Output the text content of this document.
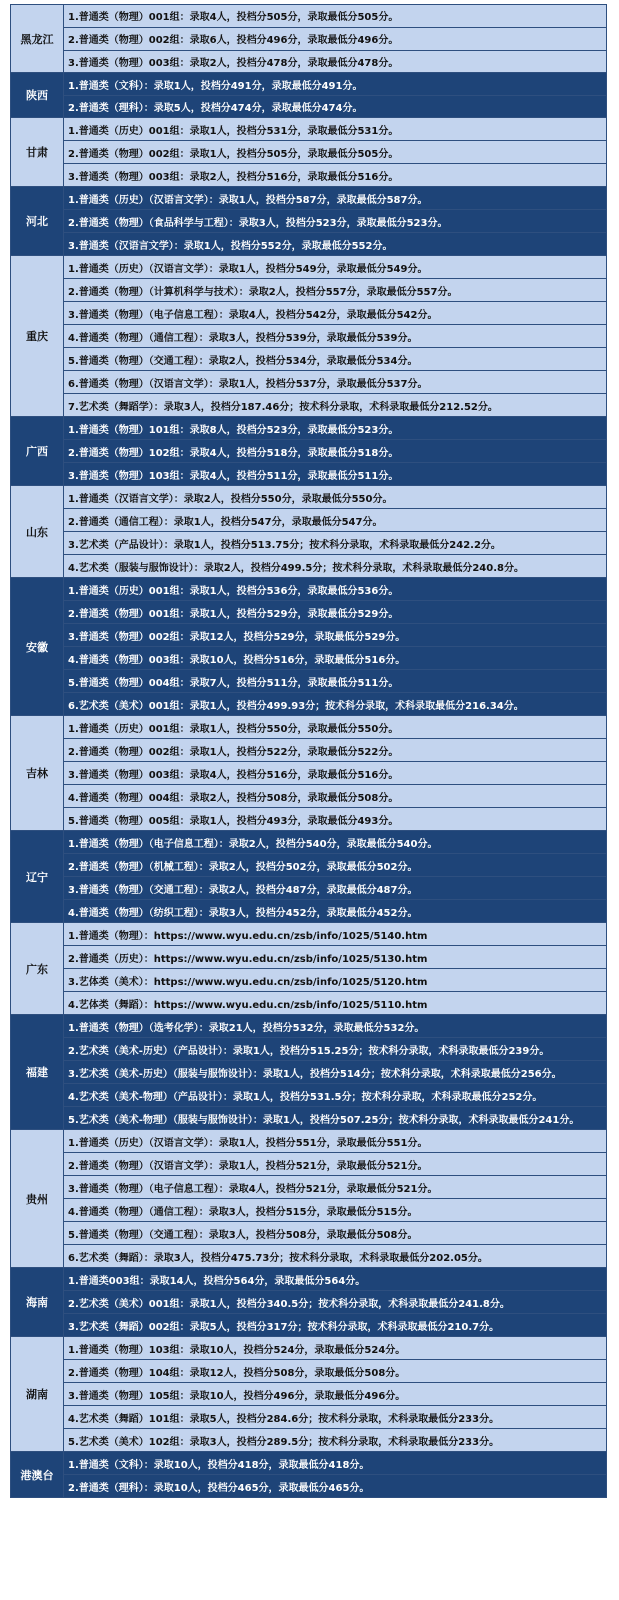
黑龙江	1.普通类（物理）001组：录取4人，投档分505分，录取最低分505分。
	2.普通类（物理）002组：录取6人，投档分496分，录取最低分496分。
	3.普通类（物理）003组：录取2人，投档分478分，录取最低分478分。
陕西	1.普通类（文科）：录取1人，投档分491分，录取最低分491分。
	2.普通类（理科）：录取5人，投档分474分，录取最低分474分。
甘肃	1.普通类（历史）001组：录取1人，投档分531分，录取最低分531分。
	2.普通类（物理）002组：录取1人，投档分505分，录取最低分505分。
	3.普通类（物理）003组：录取2人，投档分516分，录取最低分516分。
河北	1.普通类（历史）（汉语言文学）：录取1人，投档分587分，录取最低分587分。
	2.普通类（物理）（食品科学与工程）：录取3人，投档分523分，录取最低分523分。
	3.普通类（汉语言文学）：录取1人，投档分552分，录取最低分552分。
重庆	1.普通类（历史）（汉语言文学）：录取1人，投档分549分，录取最低分549分。
	2.普通类（物理）（计算机科学与技术）：录取2人，投档分557分，录取最低分557分。
	3.普通类（物理）（电子信息工程）：录取4人，投档分542分，录取最低分542分。
	4.普通类（物理）（通信工程）：录取3人，投档分539分，录取最低分539分。
	5.普通类（物理）（交通工程）：录取2人，投档分534分，录取最低分534分。
	6.普通类（物理）（汉语言文学）：录取1人，投档分537分，录取最低分537分。
	7.艺术类（舞蹈学）：录取3人，投档分187.46分；按术科分录取，术科录取最低分212.52分。
广西	1.普通类（物理）101组：录取8人，投档分523分，录取最低分523分。
	2.普通类（物理）102组：录取4人，投档分518分，录取最低分518分。
	3.普通类（物理）103组：录取4人，投档分511分，录取最低分511分。
山东	1.普通类（汉语言文学）：录取2人，投档分550分，录取最低分550分。
	2.普通类（通信工程）：录取1人，投档分547分，录取最低分547分。
	3.艺术类（产品设计）：录取1人，投档分513.75分；按术科分录取，术科录取最低分242.2分。
	4.艺术类（服装与服饰设计）：录取2人，投档分499.5分；按术科分录取，术科录取最低分240.8分。
安徽	1.普通类（历史）001组：录取1人，投档分536分，录取最低分536分。
	2.普通类（物理）001组：录取1人，投档分529分，录取最低分529分。
	3.普通类（物理）002组：录取12人，投档分529分，录取最低分529分。
	4.普通类（物理）003组：录取10人，投档分516分，录取最低分516分。
	5.普通类（物理）004组：录取7人，投档分511分，录取最低分511分。
	6.艺术类（美术）001组：录取1人，投档分499.93分；按术科分录取，术科录取最低分216.34分。
吉林	1.普通类（历史）001组：录取1人，投档分550分，录取最低分550分。
	2.普通类（物理）002组：录取1人，投档分522分，录取最低分522分。
	3.普通类（物理）003组：录取4人，投档分516分，录取最低分516分。
	4.普通类（物理）004组：录取2人，投档分508分，录取最低分508分。
	5.普通类（物理）005组：录取1人，投档分493分，录取最低分493分。
辽宁	1.普通类（物理）（电子信息工程）：录取2人，投档分540分，录取最低分540分。
	2.普通类（物理）（机械工程）：录取2人，投档分502分，录取最低分502分。
	3.普通类（物理）（交通工程）：录取2人，投档分487分，录取最低分487分。
	4.普通类（物理）（纺织工程）：录取3人，投档分452分，录取最低分452分。
广东	1.普通类（物理）：https://www.wyu.edu.cn/zsb/info/1025/5140.htm
	2.普通类（历史）：https://www.wyu.edu.cn/zsb/info/1025/5130.htm
	3.艺体类（美术）：https://www.wyu.edu.cn/zsb/info/1025/5120.htm
	4.艺体类（舞蹈）：https://www.wyu.edu.cn/zsb/info/1025/5110.htm
福建	1.普通类（物理）（选考化学）：录取21人，投档分532分，录取最低分532分。
	2.艺术类（美术-历史）（产品设计）：录取1人，投档分515.25分；按术科分录取，术科录取最低分239分。
	3.艺术类（美术-历史）（服装与服饰设计）：录取1人，投档分514分；按术科分录取，术科录取最低分256分。
	4.艺术类（美术-物理）（产品设计）：录取1人，投档分531.5分；按术科分录取，术科录取最低分252分。
	5.艺术类（美术-物理）（服装与服饰设计）：录取1人，投档分507.25分；按术科分录取，术科录取最低分241分。
贵州	1.普通类（历史）（汉语言文学）：录取1人，投档分551分，录取最低分551分。
	2.普通类（物理）（汉语言文学）：录取1人，投档分521分，录取最低分521分。
	3.普通类（物理）（电子信息工程）：录取4人，投档分521分，录取最低分521分。
	4.普通类（物理）（通信工程）：录取3人，投档分515分，录取最低分515分。
	5.普通类（物理）（交通工程）：录取3人，投档分508分，录取最低分508分。
	6.艺术类（舞蹈）：录取3人，投档分475.73分；按术科分录取，术科录取最低分202.05分。
海南	1.普通类003组：录取14人，投档分564分，录取最低分564分。
	2.艺术类（美术）001组：录取1人，投档分340.5分；按术科分录取，术科录取最低分241.8分。
	3.艺术类（舞蹈）002组：录取5人，投档分317分；按术科分录取，术科录取最低分210.7分。
湖南	1.普通类（物理）103组：录取10人，投档分524分，录取最低分524分。
	2.普通类（物理）104组：录取12人，投档分508分，录取最低分508分。
	3.普通类（物理）105组：录取10人，投档分496分，录取最低分496分。
	4.艺术类（舞蹈）101组：录取5人，投档分284.6分；按术科分录取，术科录取最低分233分。
	5.艺术类（美术）102组：录取3人，投档分289.5分；按术科分录取，术科录取最低分233分。
港澳台	1.普通类（文科）：录取10人，投档分418分，录取最低分418分。
	2.普通类（理科）：录取10人，投档分465分，录取最低分465分。
